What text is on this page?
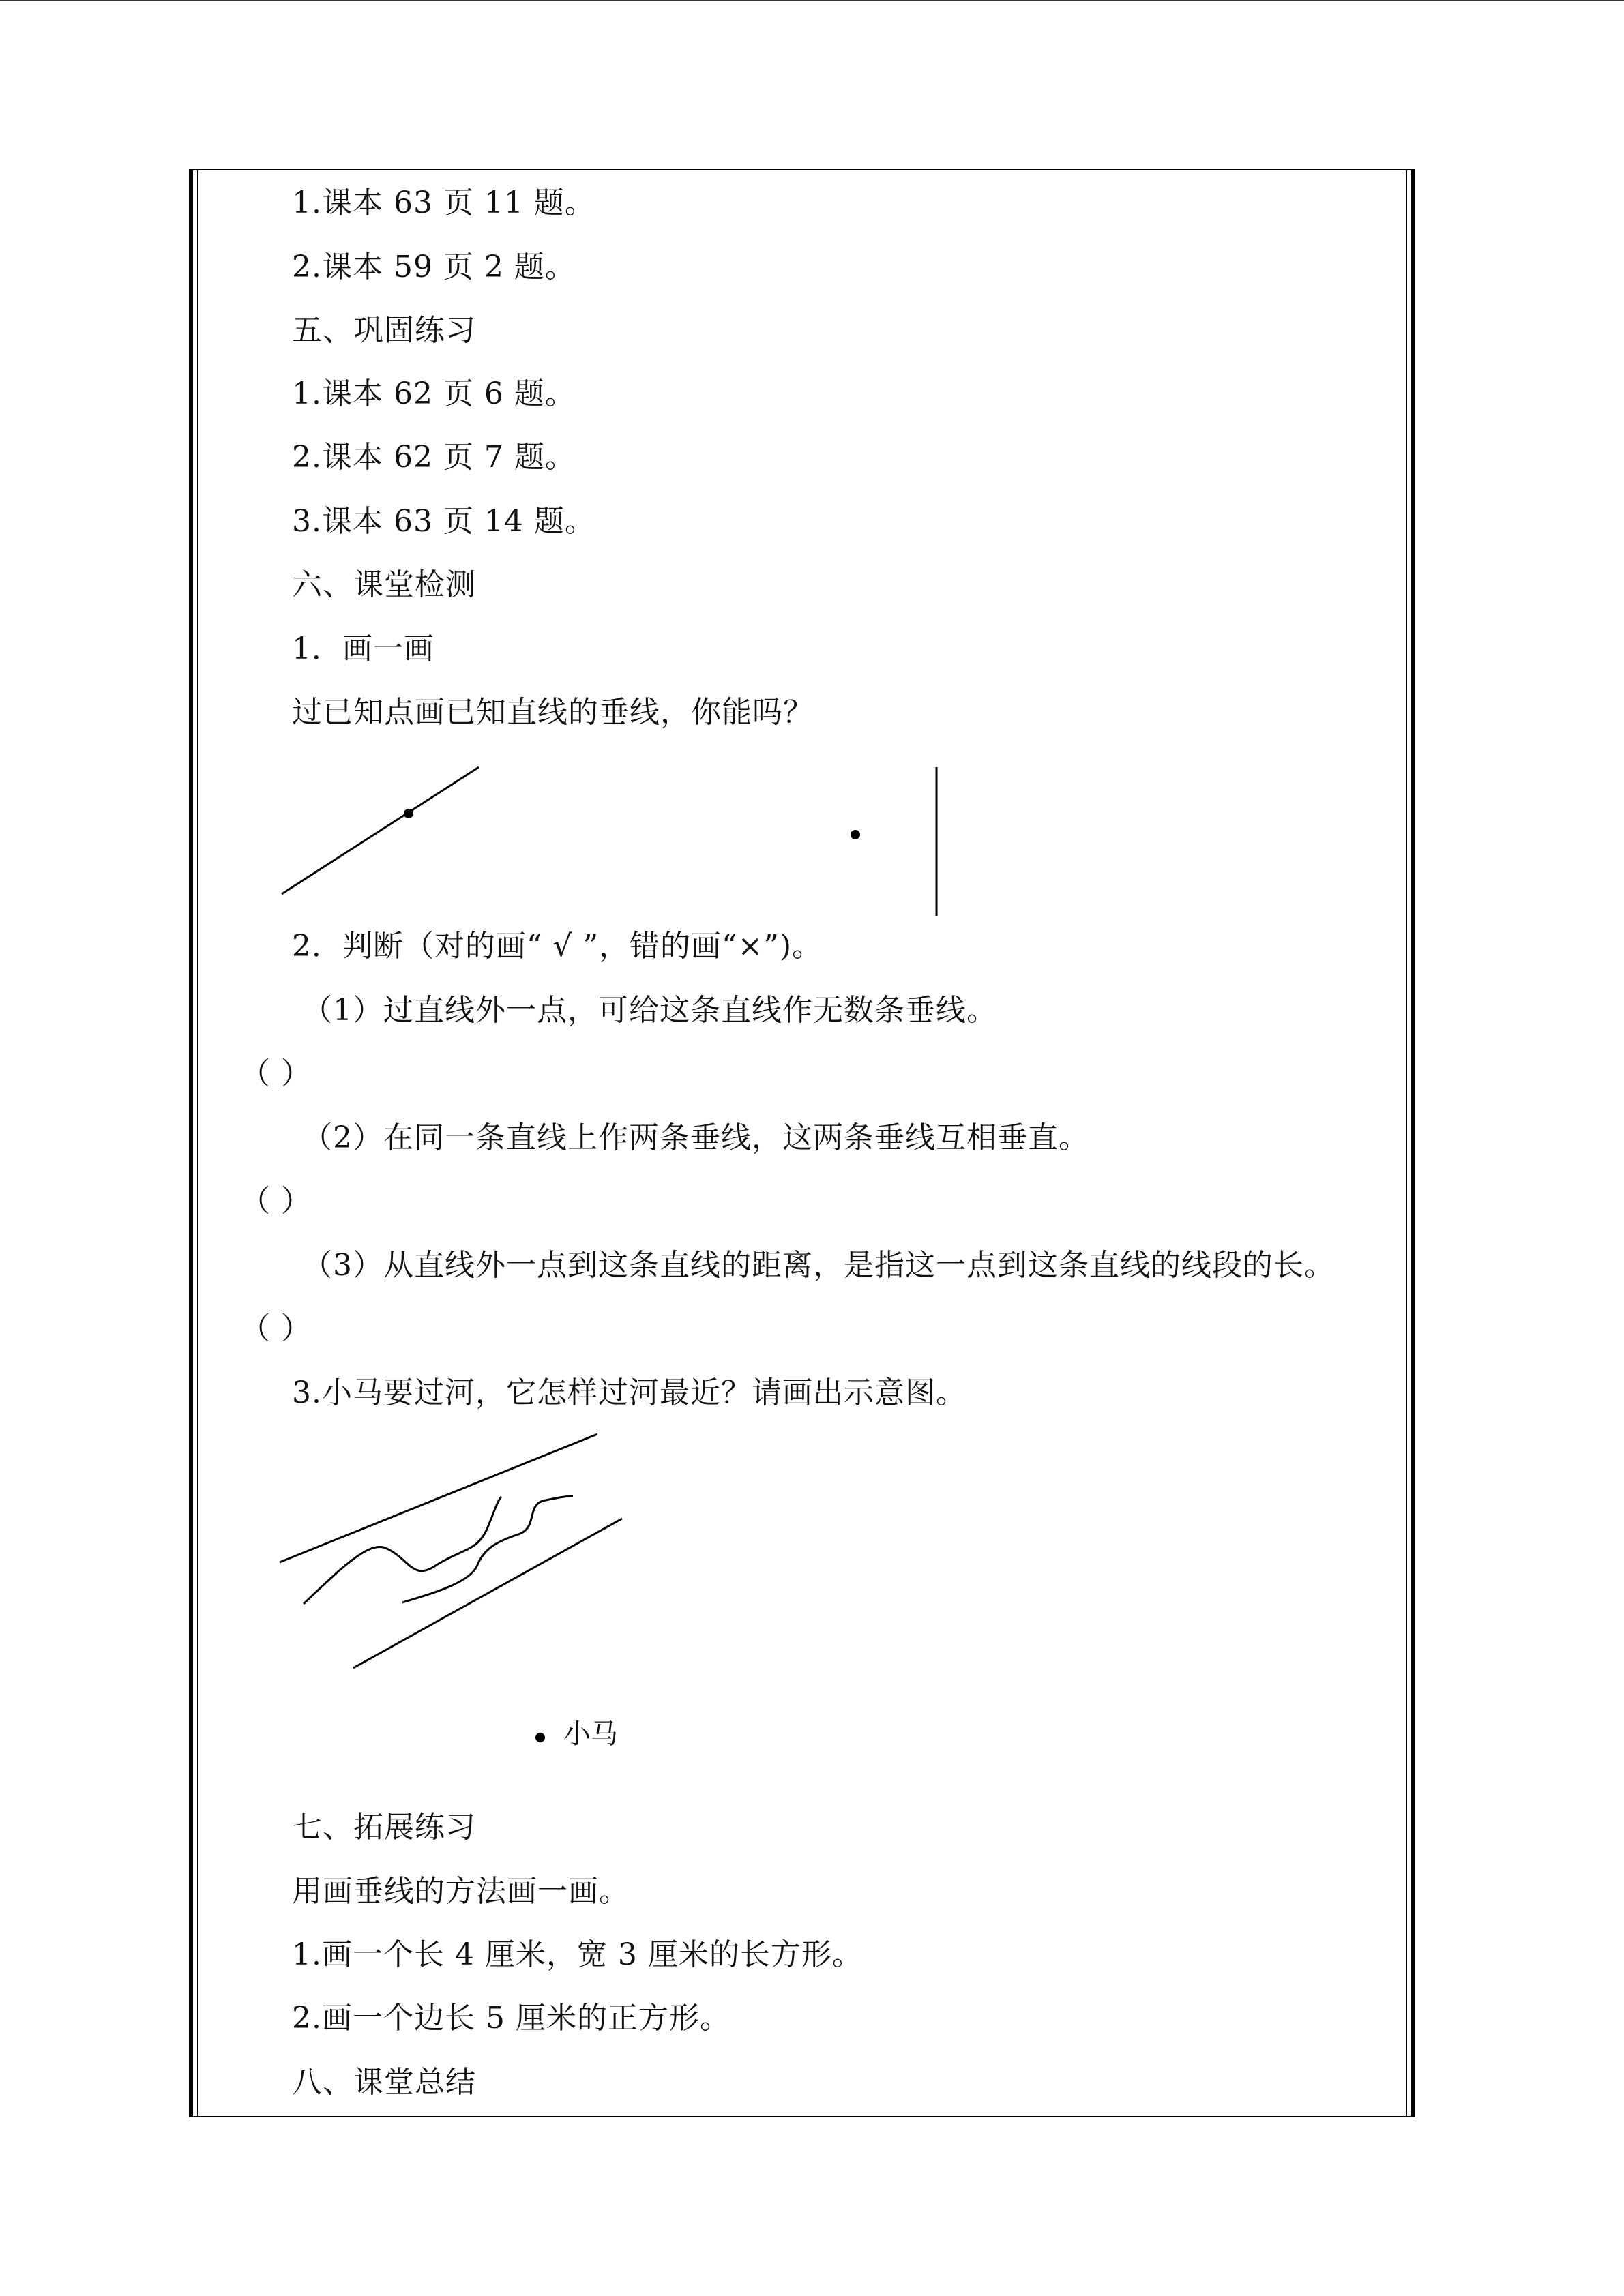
1.课本 63 页 11 题。
2.课本 59 页 2 题。
五、巩固练习
1.课本 62 页 6 题。
2.课本 62 页 7 题。
3.课本 63 页 14 题。
六、课堂检测
1．画一画
过已知点画已知直线的垂线，你能吗？
小马
2．判断（对的画“ √ ”，错的画“×”)。
（1）过直线外一点，可给这条直线作无数条垂线。
（ ）
（2）在同一条直线上作两条垂线，这两条垂线互相垂直。
（ ）
（3）从直线外一点到这条直线的距离，是指这一点到这条直线的线段的长。
（ ）
3.小马要过河，它怎样过河最近？请画出示意图。
七、拓展练习
用画垂线的方法画一画。
1.画一个长 4 厘米，宽 3 厘米的长方形。
2.画一个边长 5 厘米的正方形。
八、课堂总结
